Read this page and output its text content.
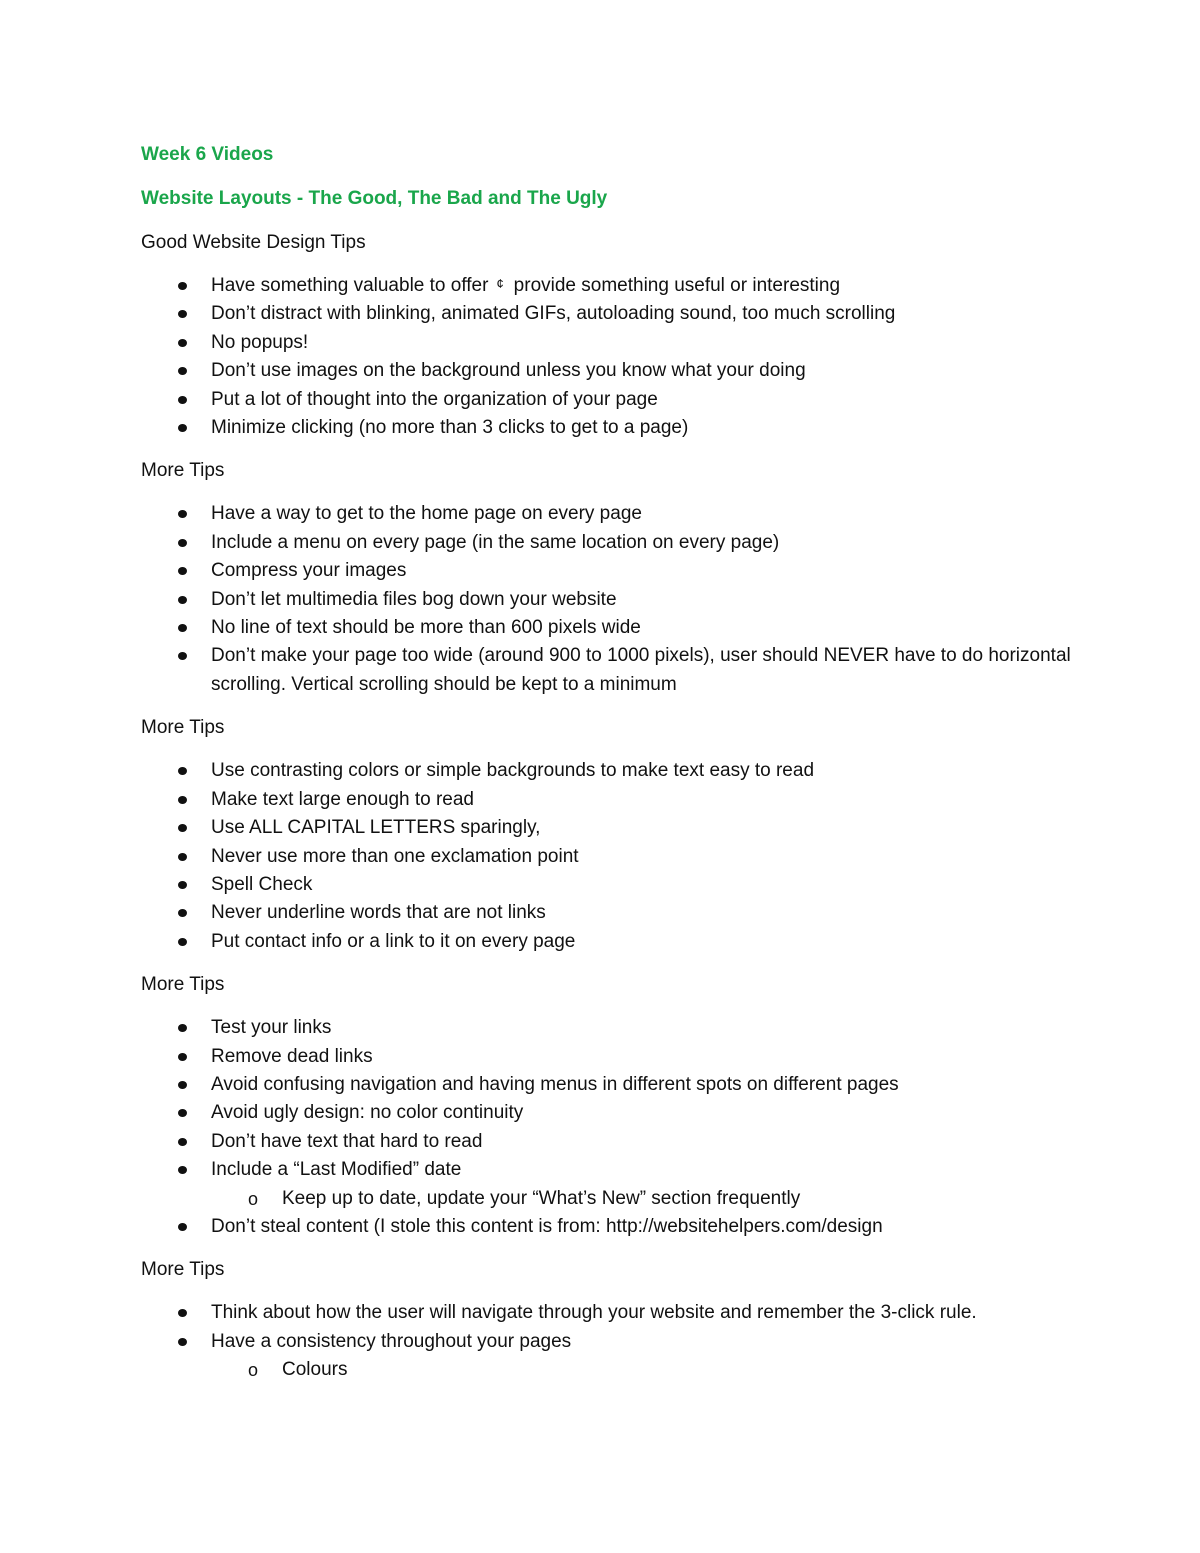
Week 6 Videos

Website Layouts - The Good, The Bad and The Ugly

Good Website Design Tips

Have something valuable to offer ¢ provide something useful or interesting
Don’t distract with blinking, animated GIFs, autoloading sound, too much scrolling
No popups!
Don’t use images on the background unless you know what your doing
Put a lot of thought into the organization of your page
Minimize clicking (no more than 3 clicks to get to a page)

More Tips

Have a way to get to the home page on every page
Include a menu on every page (in the same location on every page)
Compress your images
Don’t let multimedia files bog down your website
No line of text should be more than 600 pixels wide
Don’t make your page too wide (around 900 to 1000 pixels), user should NEVER have to do horizontal scrolling. Vertical scrolling should be kept to a minimum

More Tips

Use contrasting colors or simple backgrounds to make text easy to read
Make text large enough to read
Use ALL CAPITAL LETTERS sparingly,
Never use more than one exclamation point
Spell Check
Never underline words that are not links
Put contact info or a link to it on every page

More Tips

Test your links
Remove dead links
Avoid confusing navigation and having menus in different spots on different pages
Avoid ugly design: no color continuity
Don’t have text that hard to read
Include a “Last Modified” date
o Keep up to date, update your “What’s New” section frequently
Don’t steal content (I stole this content is from: http://websitehelpers.com/design

More Tips

Think about how the user will navigate through your website and remember the 3-click rule.
Have a consistency throughout your pages
o Colours
